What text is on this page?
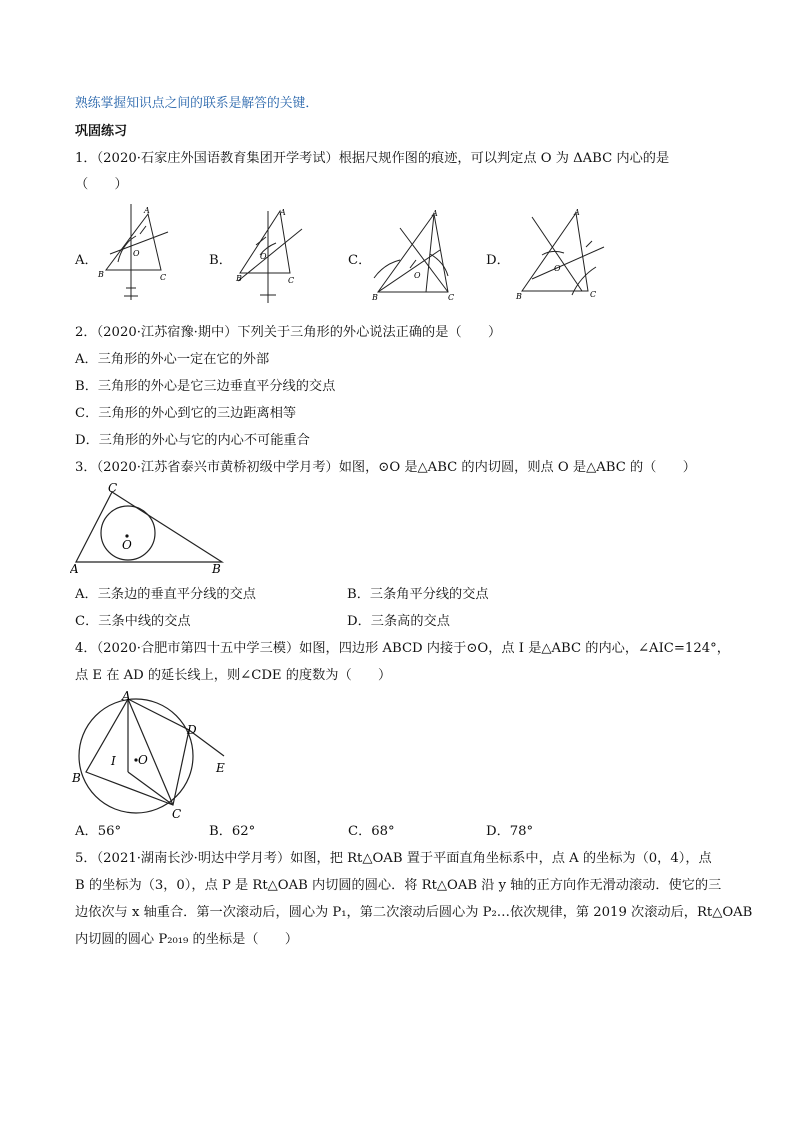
熟练掌握知识点之间的联系是解答的关键．
巩固练习
1．（2020·石家庄外国语教育集团开学考试）根据尺规作图的痕迹，可以判定点 O 为 ΔABC 内心的是
（　　）
A．	B．	C．	D．
A
B	C
O
A
B	C
O
A
B	C
O
A
B	C
O
2．（2020·江苏宿豫·期中）下列关于三角形的外心说法正确的是（　　）
A．三角形的外心一定在它的外部
B．三角形的外心是它三边垂直平分线的交点
C．三角形的外心到它的三边距离相等
D．三角形的外心与它的内心不可能重合
3．（2020·江苏省泰兴市黄桥初级中学月考）如图，⊙O 是△ABC 的内切圆，则点 O 是△ABC 的（　　）
C
A	B
O
A．三条边的垂直平分线的交点	B．三条角平分线的交点
C．三条中线的交点	D．三条高的交点
4．（2020·合肥市第四十五中学三模）如图，四边形 ABCD 内接于⊙O，点 I 是△ABC 的内心，∠AIC=124°，
点 E 在 AD 的延长线上，则∠CDE 的度数为（　　）
A
B
C
D
E
I O
A．56°	B．62°	C．68°	D．78°
5．（2021·湖南长沙·明达中学月考）如图，把 Rt△OAB 置于平面直角坐标系中，点 A 的坐标为（0，4），点
B 的坐标为（3，0），点 P 是 Rt△OAB 内切圆的圆心．将 Rt△OAB 沿 y 轴的正方向作无滑动滚动．使它的三
边依次与 x 轴重合．第一次滚动后，圆心为 P₁，第二次滚动后圆心为 P₂…依次规律，第 2019 次滚动后，Rt△OAB
内切圆的圆心 P₂₀₁₉ 的坐标是（　　）
